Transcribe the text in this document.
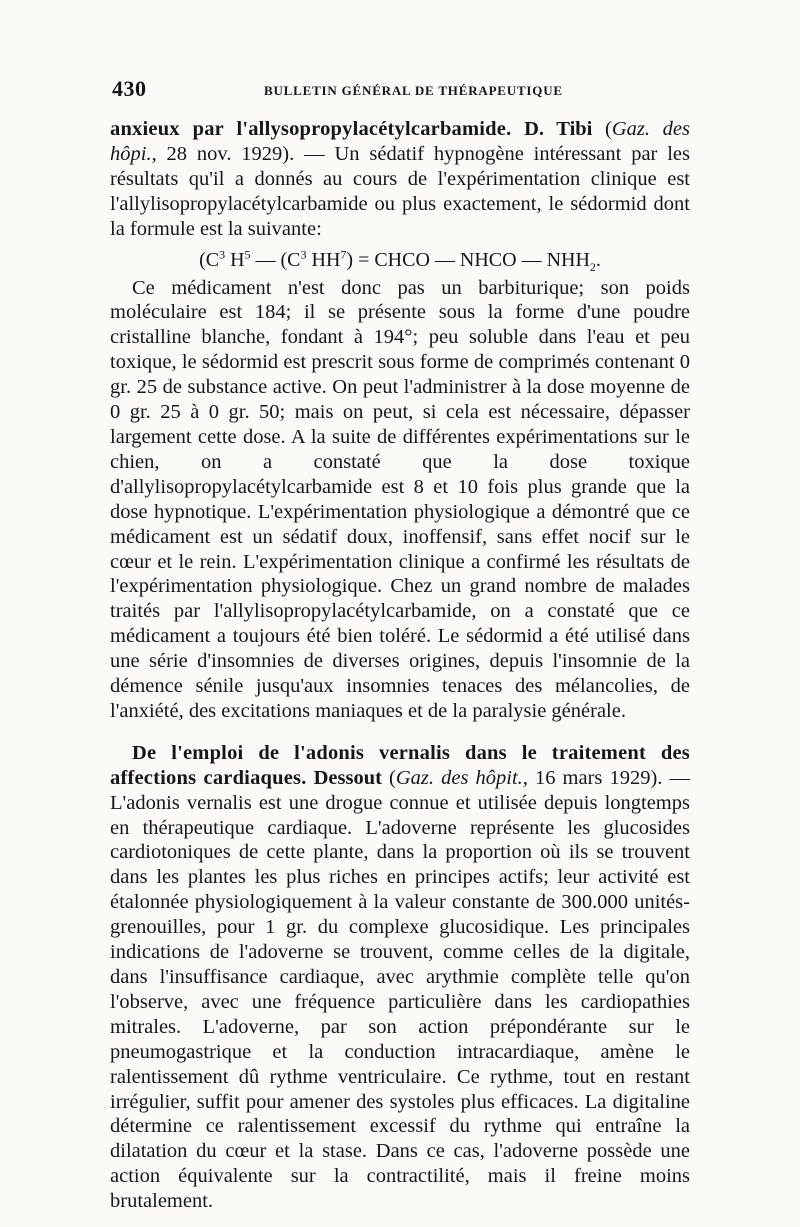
430	BULLETIN GÉNÉRAL DE THÉRAPEUTIQUE

anxieux par l'allysopropylacétylcarbamide. D. Tibi (Gaz. des hôpi., 28 nov. 1929). — Un sédatif hypnogène intéressant par les résultats qu'il a donnés au cours de l'expérimentation clinique est l'allylisopropylacétylcarbamide ou plus exactement, le sédormid dont la formule est la suivante:

($C^3$ $H^5$ — ($C^3$ $HH^7$) = CHCO — NHCO — $NHH_2$.

Ce médicament n'est donc pas un barbiturique; son poids moléculaire est 184; il se présente sous la forme d'une poudre cristalline blanche, fondant à 194°; peu soluble dans l'eau et peu toxique, le sédormid est prescrit sous forme de comprimés contenant 0 gr. 25 de substance active. On peut l'administrer à la dose moyenne de 0 gr. 25 à 0 gr. 50; mais on peut, si cela est nécessaire, dépasser largement cette dose. A la suite de différentes expérimentations sur le chien, on a constaté que la dose toxique d'allylisopropylacétylcarbamide est 8 et 10 fois plus grande que la dose hypnotique. L'expérimentation physiologique a démontré que ce médicament est un sédatif doux, inoffensif, sans effet nocif sur le cœur et le rein. L'expérimentation clinique a confirmé les résultats de l'expérimentation physiologique. Chez un grand nombre de malades traités par l'allylisopropylacétylcarbamide, on a constaté que ce médicament a toujours été bien toléré. Le sédormid a été utilisé dans une série d'insomnies de diverses origines, depuis l'insomnie de la démence sénile jusqu'aux insomnies tenaces des mélancolies, de l'anxiété, des excitations maniaques et de la paralysie générale.

De l'emploi de l'adonis vernalis dans le traitement des affections cardiaques. Dessout (Gaz. des hôpit., 16 mars 1929). — L'adonis vernalis est une drogue connue et utilisée depuis longtemps en thérapeutique cardiaque. L'adoverne représente les glucosides cardiotoniques de cette plante, dans la proportion où ils se trouvent dans les plantes les plus riches en principes actifs; leur activité est étalonnée physiologiquement à la valeur constante de 300.000 unités-grenouilles, pour 1 gr. du complexe glucosidique. Les principales indications de l'adoverne se trouvent, comme celles de la digitale, dans l'insuffisance cardiaque, avec arythmie complète telle qu'on l'observe, avec une fréquence particulière dans les cardiopathies mitrales. L'adoverne, par son action prépondérante sur le pneumogastrique et la conduction intracardiaque, amène le ralentissement dû rythme ventriculaire. Ce rythme, tout en restant irrégulier, suffit pour amener des systoles plus efficaces. La digitaline détermine ce ralentissement excessif du rythme qui entraîne la dilatation du cœur et la stase. Dans ce cas, l'adoverne possède une action équivalente sur la contractilité, mais il freine moins brutalement.
